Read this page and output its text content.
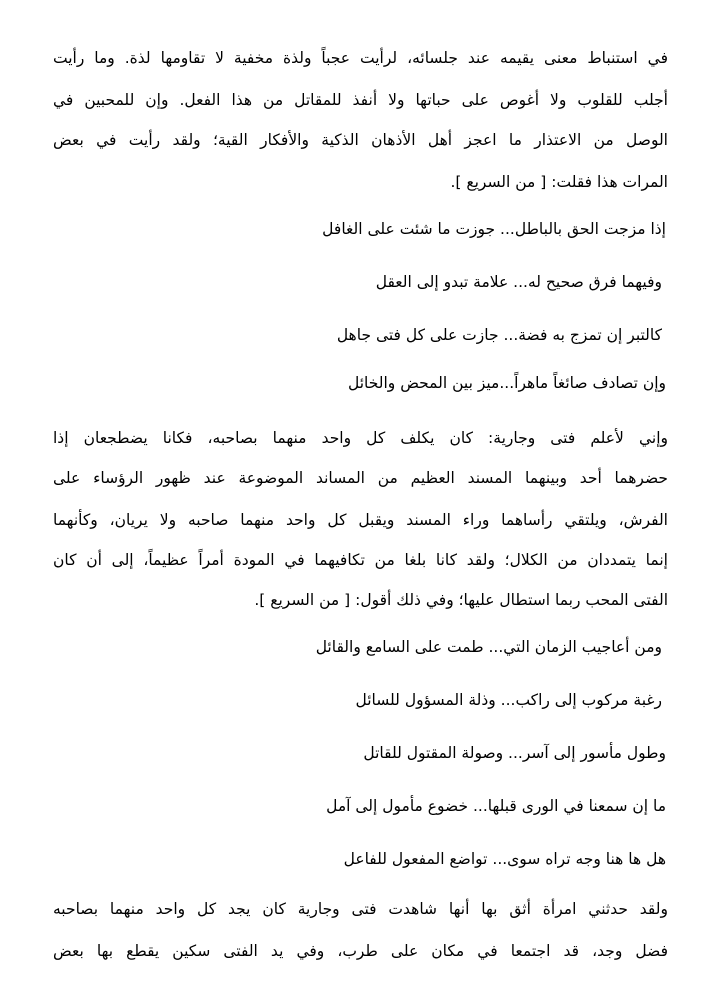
في استنباط معنى يقيمه عند جلسائه، لرأيت عجباً ولذة مخفية لا تقاومها لذة. وما رأيت
أجلب للقلوب ولا أغوص على حباتها ولا أنفذ للمقاتل من هذا الفعل. وإن للمحبين في
الوصل من الاعتذار ما اعجز أهل الأذهان الذكية والأفكار القية؛ ولقد رأيت في بعض
المرات هذا فقلت: [ من السريع ].
إذا مزجت الحق بالباطل... جوزت ما شئت على الغافل
وفيهما فرق صحيح له... علامة تبدو إلى العقل
كالتبر إن تمزج به فضة... جازت على كل فتى جاهل
وإن تصادف صائغاً ماهراً...ميز بين المحض والخائل
وإني لأعلم فتى وجارية: كان يكلف كل واحد منهما بصاحبه، فكانا يضطجعان إذا
حضرهما أحد وبينهما المسند العظيم من المساند الموضوعة عند ظهور الرؤساء على
الفرش، ويلتقي رأساهما وراء المسند ويقبل كل واحد منهما صاحبه ولا يريان، وكأنهما
إنما يتمددان من الكلال؛ ولقد كانا بلغا من تكافيهما في المودة أمراً عظيماً، إلى أن كان
الفتى المحب ربما استطال عليها؛ وفي ذلك أقول: [ من السريع ].
ومن أعاجيب الزمان التي... طمت على السامع والقائل
رغبة مركوب إلى راكب... وذلة المسؤول للسائل
وطول مأسور إلى آسر... وصولة المقتول للقاتل
ما إن سمعنا في الورى قبلها... خضوع مأمول إلى آمل
هل ها هنا وجه تراه سوى... تواضع المفعول للفاعل
ولقد حدثني امرأة أثق بها أنها شاهدت فتى وجارية كان يجد كل واحد منهما بصاحبه
فضل وجد، قد اجتمعا في مكان على طرب، وفي يد الفتى سكين يقطع بها بعض
